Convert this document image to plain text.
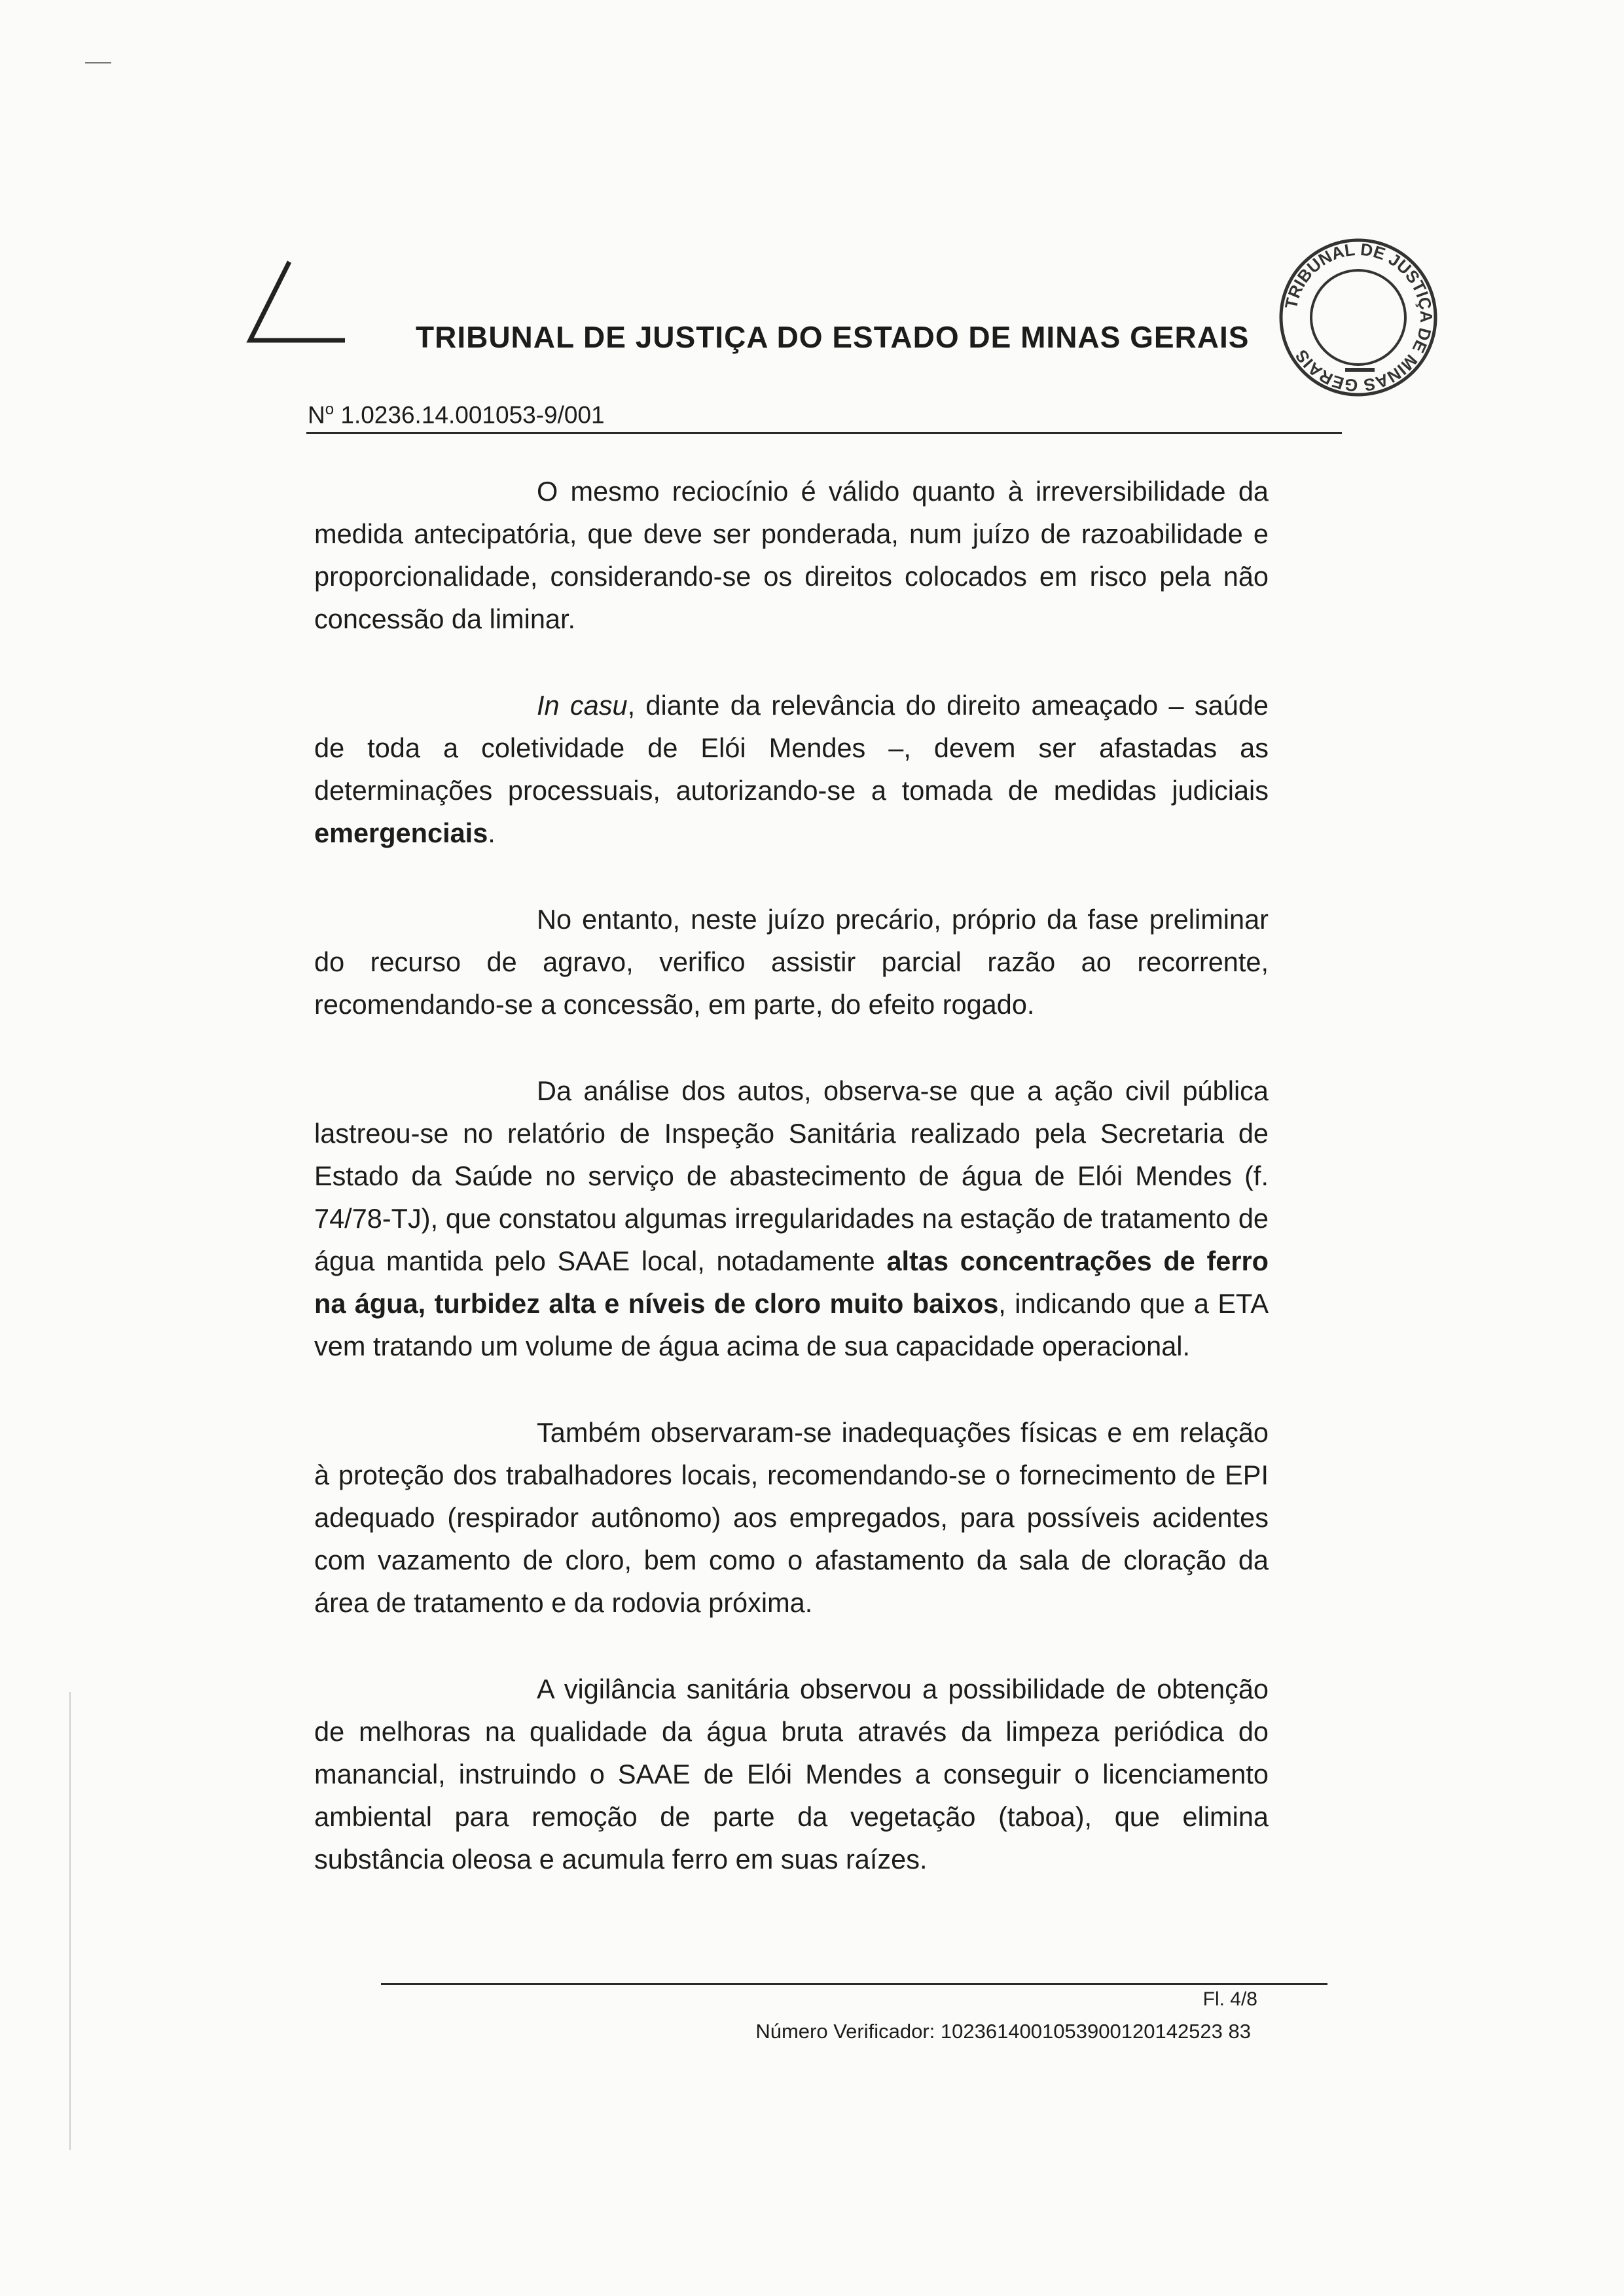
TRIBUNAL DE JUSTIÇA DO ESTADO DE MINAS GERAIS
TRIBUNAL DE JUSTIÇA DE MINAS GERAIS
$N^o$ 1.0236.14.001053-9/001

O mesmo reciocínio é válido quanto à irreversibilidade da medida antecipatória, que deve ser ponderada, num juízo de razoabilidade e proporcionalidade, considerando-se os direitos colocados em risco pela não concessão da liminar.

In casu, diante da relevância do direito ameaçado – saúde de toda a coletividade de Elói Mendes –, devem ser afastadas as determinações processuais, autorizando-se a tomada de medidas judiciais emergenciais.

No entanto, neste juízo precário, próprio da fase preliminar do recurso de agravo, verifico assistir parcial razão ao recorrente, recomendando-se a concessão, em parte, do efeito rogado.

Da análise dos autos, observa-se que a ação civil pública lastreou-se no relatório de Inspeção Sanitária realizado pela Secretaria de Estado da Saúde no serviço de abastecimento de água de Elói Mendes (f. 74/78-TJ), que constatou algumas irregularidades na estação de tratamento de água mantida pelo SAAE local, notadamente altas concentrações de ferro na água, turbidez alta e níveis de cloro muito baixos, indicando que a ETA vem tratando um volume de água acima de sua capacidade operacional.

Também observaram-se inadequações físicas e em relação à proteção dos trabalhadores locais, recomendando-se o fornecimento de EPI adequado (respirador autônomo) aos empregados, para possíveis acidentes com vazamento de cloro, bem como o afastamento da sala de cloração da área de tratamento e da rodovia próxima.

A vigilância sanitária observou a possibilidade de obtenção de melhoras na qualidade da água bruta através da limpeza periódica do manancial, instruindo o SAAE de Elói Mendes a conseguir o licenciamento ambiental para remoção de parte da vegetação (taboa), que elimina substância oleosa e acumula ferro em suas raízes.

Fl. 4/8
Número Verificador: 1023614001053900120142523 83
